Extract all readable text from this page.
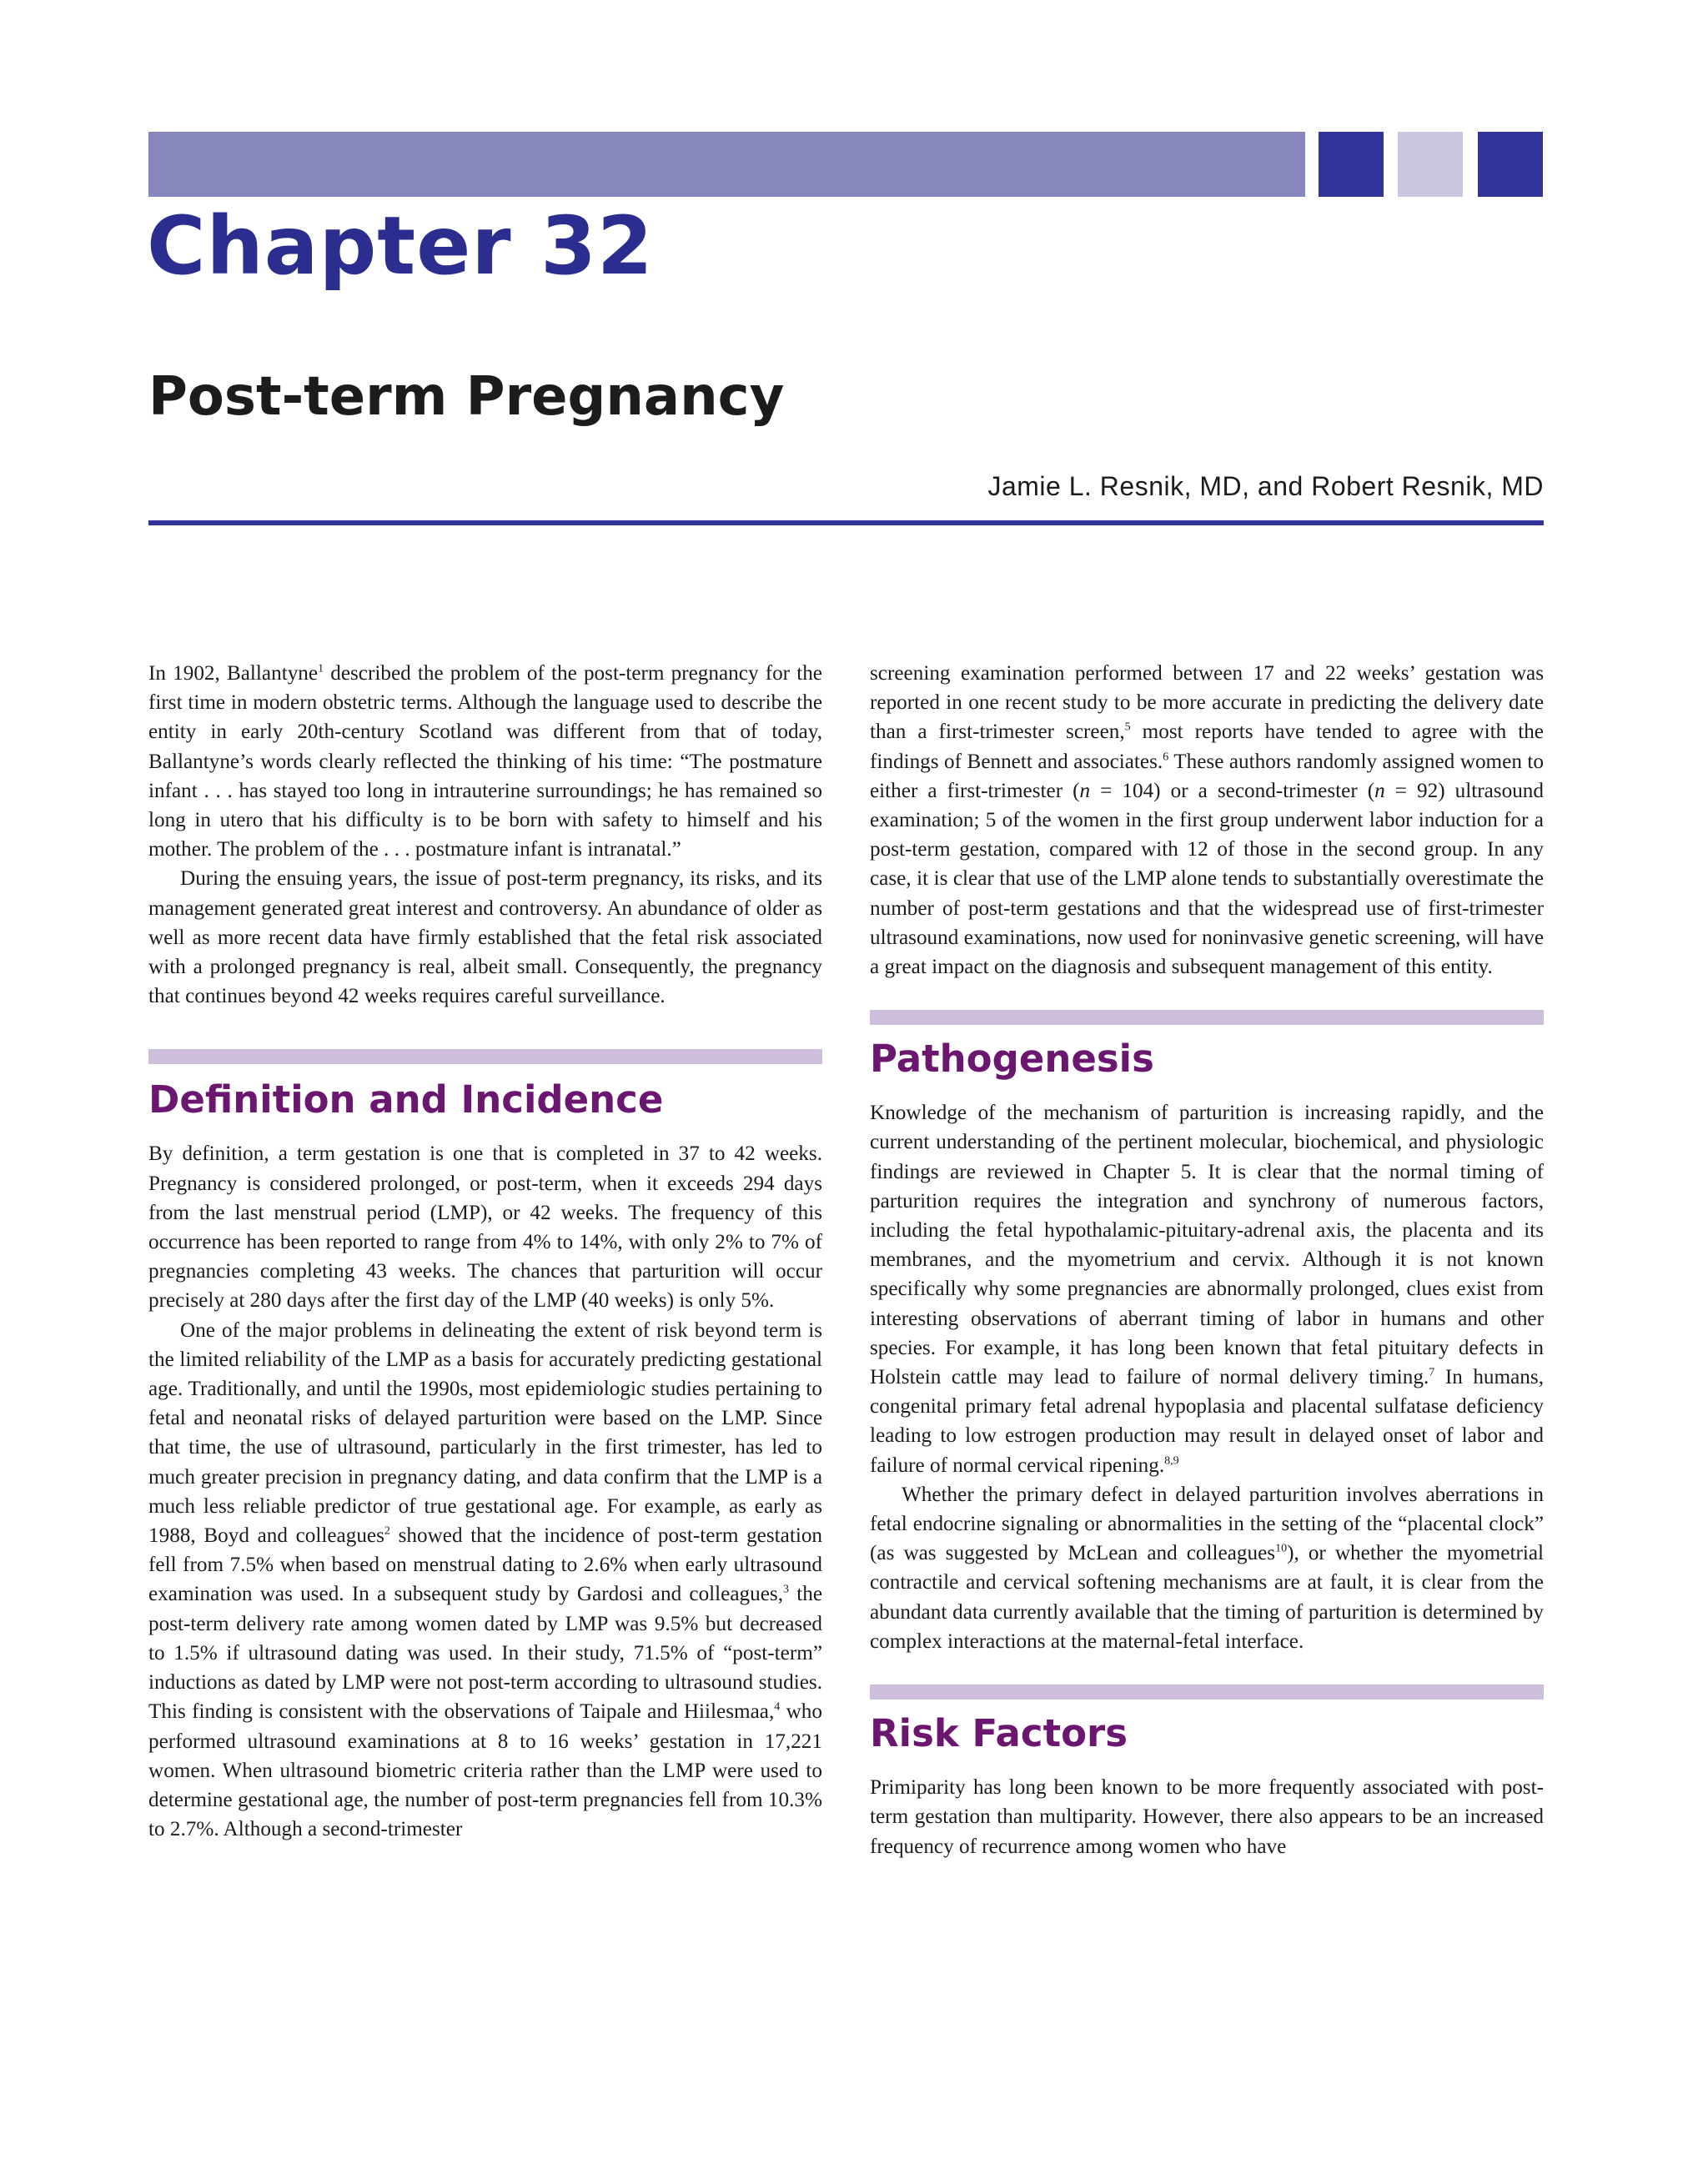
Chapter 32
Post-term Pregnancy

Jamie L. Resnik, MD, and Robert Resnik, MD

In 1902, Ballantyne$^1$ described the problem of the post-term pregnancy for the first time in modern obstetric terms. Although the language used to describe the entity in early 20th-century Scotland was different from that of today, Ballantyne’s words clearly reflected the thinking of his time: “The postmature infant . . . has stayed too long in intrauterine surroundings; he has remained so long in utero that his difficulty is to be born with safety to himself and his mother. The problem of the . . . postmature infant is intranatal.”

During the ensuing years, the issue of post-term pregnancy, its risks, and its management generated great interest and controversy. An abundance of older as well as more recent data have firmly established that the fetal risk associated with a prolonged pregnancy is real, albeit small. Consequently, the pregnancy that continues beyond 42 weeks requires careful surveillance.

Definition and Incidence

By definition, a term gestation is one that is completed in 37 to 42 weeks. Pregnancy is considered prolonged, or post-term, when it exceeds 294 days from the last menstrual period (LMP), or 42 weeks. The frequency of this occurrence has been reported to range from 4% to 14%, with only 2% to 7% of pregnancies completing 43 weeks. The chances that parturition will occur precisely at 280 days after the first day of the LMP (40 weeks) is only 5%.

One of the major problems in delineating the extent of risk beyond term is the limited reliability of the LMP as a basis for accurately predicting gestational age. Traditionally, and until the 1990s, most epidemiologic studies pertaining to fetal and neonatal risks of delayed parturition were based on the LMP. Since that time, the use of ultrasound, particularly in the first trimester, has led to much greater precision in pregnancy dating, and data confirm that the LMP is a much less reliable predictor of true gestational age. For example, as early as 1988, Boyd and colleagues$^2$ showed that the incidence of post-term gestation fell from 7.5% when based on menstrual dating to 2.6% when early ultrasound examination was used. In a subsequent study by Gardosi and colleagues,$^3$ the post-term delivery rate among women dated by LMP was 9.5% but decreased to 1.5% if ultrasound dating was used. In their study, 71.5% of “post-term” inductions as dated by LMP were not post-term according to ultrasound studies. This finding is consistent with the observations of Taipale and Hiilesmaa,$^4$ who performed ultrasound examinations at 8 to 16 weeks’ gestation in 17,221 women. When ultrasound biometric criteria rather than the LMP were used to determine gestational age, the number of post-term pregnancies fell from 10.3% to 2.7%. Although a second-trimester

screening examination performed between 17 and 22 weeks’ gestation was reported in one recent study to be more accurate in predicting the delivery date than a first-trimester screen,$^5$ most reports have tended to agree with the findings of Bennett and associates.$^6$ These authors randomly assigned women to either a first-trimester (n = 104) or a second-trimester (n = 92) ultrasound examination; 5 of the women in the first group underwent labor induction for a post-term gestation, compared with 12 of those in the second group. In any case, it is clear that use of the LMP alone tends to substantially overestimate the number of post-term gestations and that the widespread use of first-trimester ultrasound examinations, now used for noninvasive genetic screening, will have a great impact on the diagnosis and subsequent management of this entity.

Pathogenesis

Knowledge of the mechanism of parturition is increasing rapidly, and the current understanding of the pertinent molecular, biochemical, and physiologic findings are reviewed in Chapter 5. It is clear that the normal timing of parturition requires the integration and synchrony of numerous factors, including the fetal hypothalamic-pituitary-adrenal axis, the placenta and its membranes, and the myometrium and cervix. Although it is not known specifically why some pregnancies are abnormally prolonged, clues exist from interesting observations of aberrant timing of labor in humans and other species. For example, it has long been known that fetal pituitary defects in Holstein cattle may lead to failure of normal delivery timing.$^7$ In humans, congenital primary fetal adrenal hypoplasia and placental sulfatase deficiency leading to low estrogen production may result in delayed onset of labor and failure of normal cervical ripening.$^{8,9}$

Whether the primary defect in delayed parturition involves aberrations in fetal endocrine signaling or abnormalities in the setting of the “placental clock” (as was suggested by McLean and colleagues$^{10}$), or whether the myometrial contractile and cervical softening mechanisms are at fault, it is clear from the abundant data currently available that the timing of parturition is determined by complex interactions at the maternal-fetal interface.

Risk Factors

Primiparity has long been known to be more frequently associated with post-term gestation than multiparity. However, there also appears to be an increased frequency of recurrence among women who have
